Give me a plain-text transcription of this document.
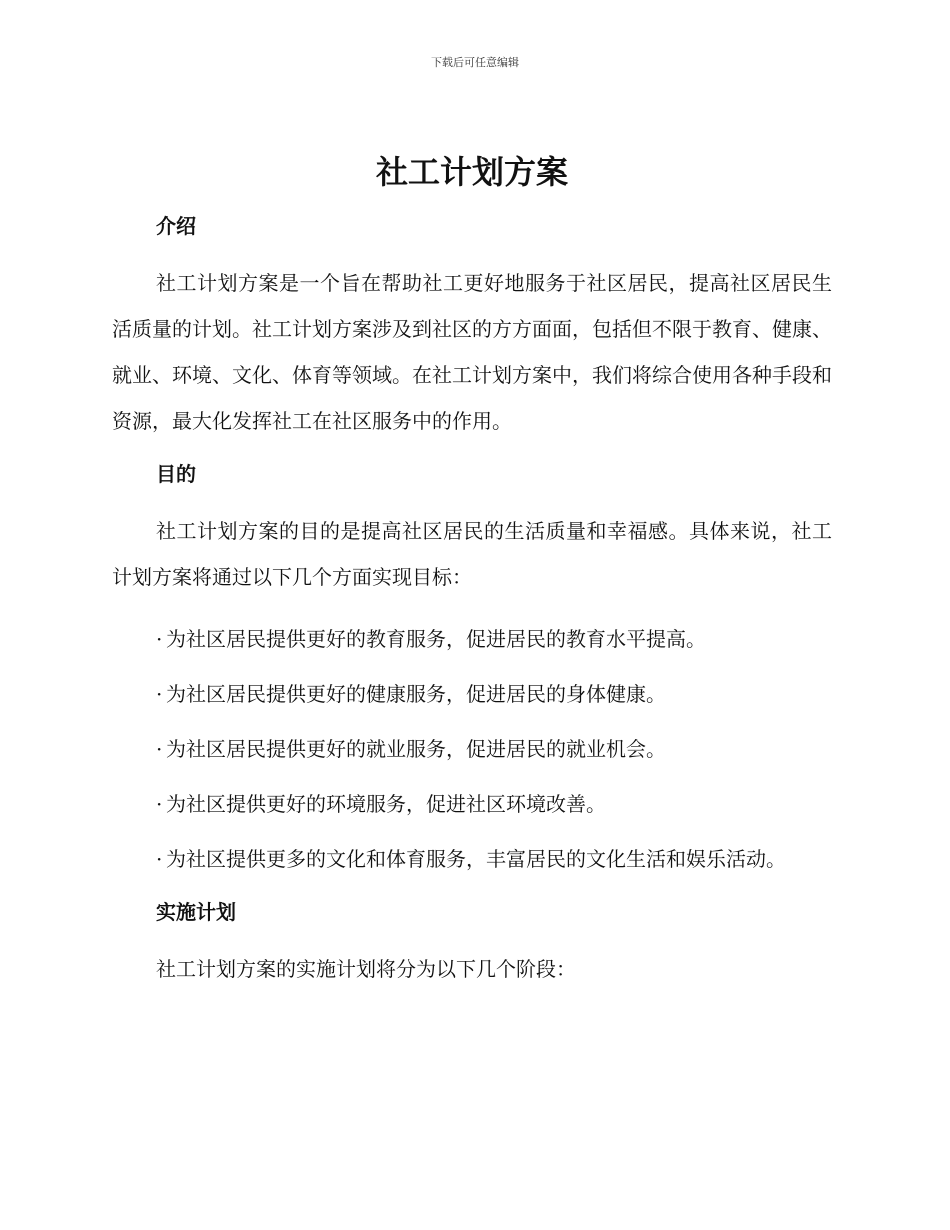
下载后可任意编辑
社工计划方案
介绍

社工计划方案是一个旨在帮助社工更好地服务于社区居民，提高社区居民生活质量的计划。社工计划方案涉及到社区的方方面面，包括但不限于教育、健康、就业、环境、文化、体育等领域。在社工计划方案中，我们将综合使用各种手段和资源，最大化发挥社工在社区服务中的作用。

目的

社工计划方案的目的是提高社区居民的生活质量和幸福感。具体来说，社工计划方案将通过以下几个方面实现目标：

· 为社区居民提供更好的教育服务，促进居民的教育水平提高。
· 为社区居民提供更好的健康服务，促进居民的身体健康。
· 为社区居民提供更好的就业服务，促进居民的就业机会。
· 为社区提供更好的环境服务，促进社区环境改善。
· 为社区提供更多的文化和体育服务，丰富居民的文化生活和娱乐活动。
实施计划

社工计划方案的实施计划将分为以下几个阶段：
